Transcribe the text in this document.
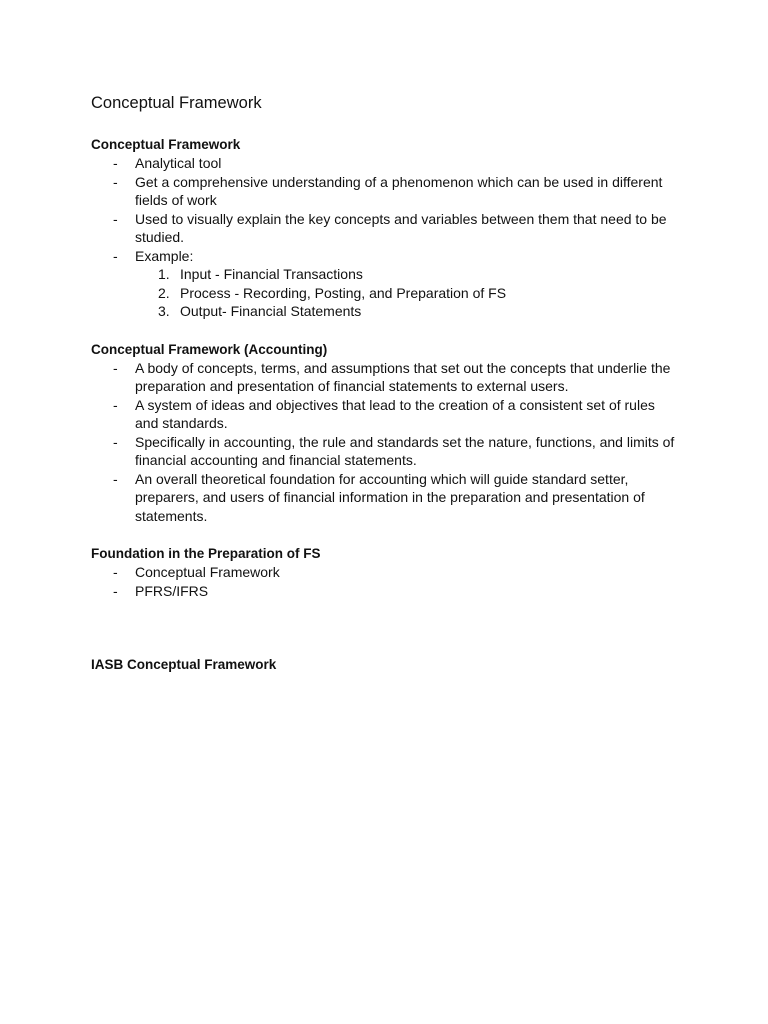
Conceptual Framework
Conceptual Framework
- Analytical tool
- Get a comprehensive understanding of a phenomenon which can be used in different fields of work
- Used to visually explain the key concepts and variables between them that need to be studied.
- Example:
1. Input - Financial Transactions
2. Process - Recording, Posting, and Preparation of FS
3. Output- Financial Statements
Conceptual Framework (Accounting)
- A body of concepts, terms, and assumptions that set out the concepts that underlie the preparation and presentation of financial statements to external users.
- A system of ideas and objectives that lead to the creation of a consistent set of rules and standards.
- Specifically in accounting, the rule and standards set the nature, functions, and limits of financial accounting and financial statements.
- An overall theoretical foundation for accounting which will guide standard setter, preparers, and users of financial information in the preparation and presentation of statements.
Foundation in the Preparation of FS
- Conceptual Framework
- PFRS/IFRS
IASB Conceptual Framework
